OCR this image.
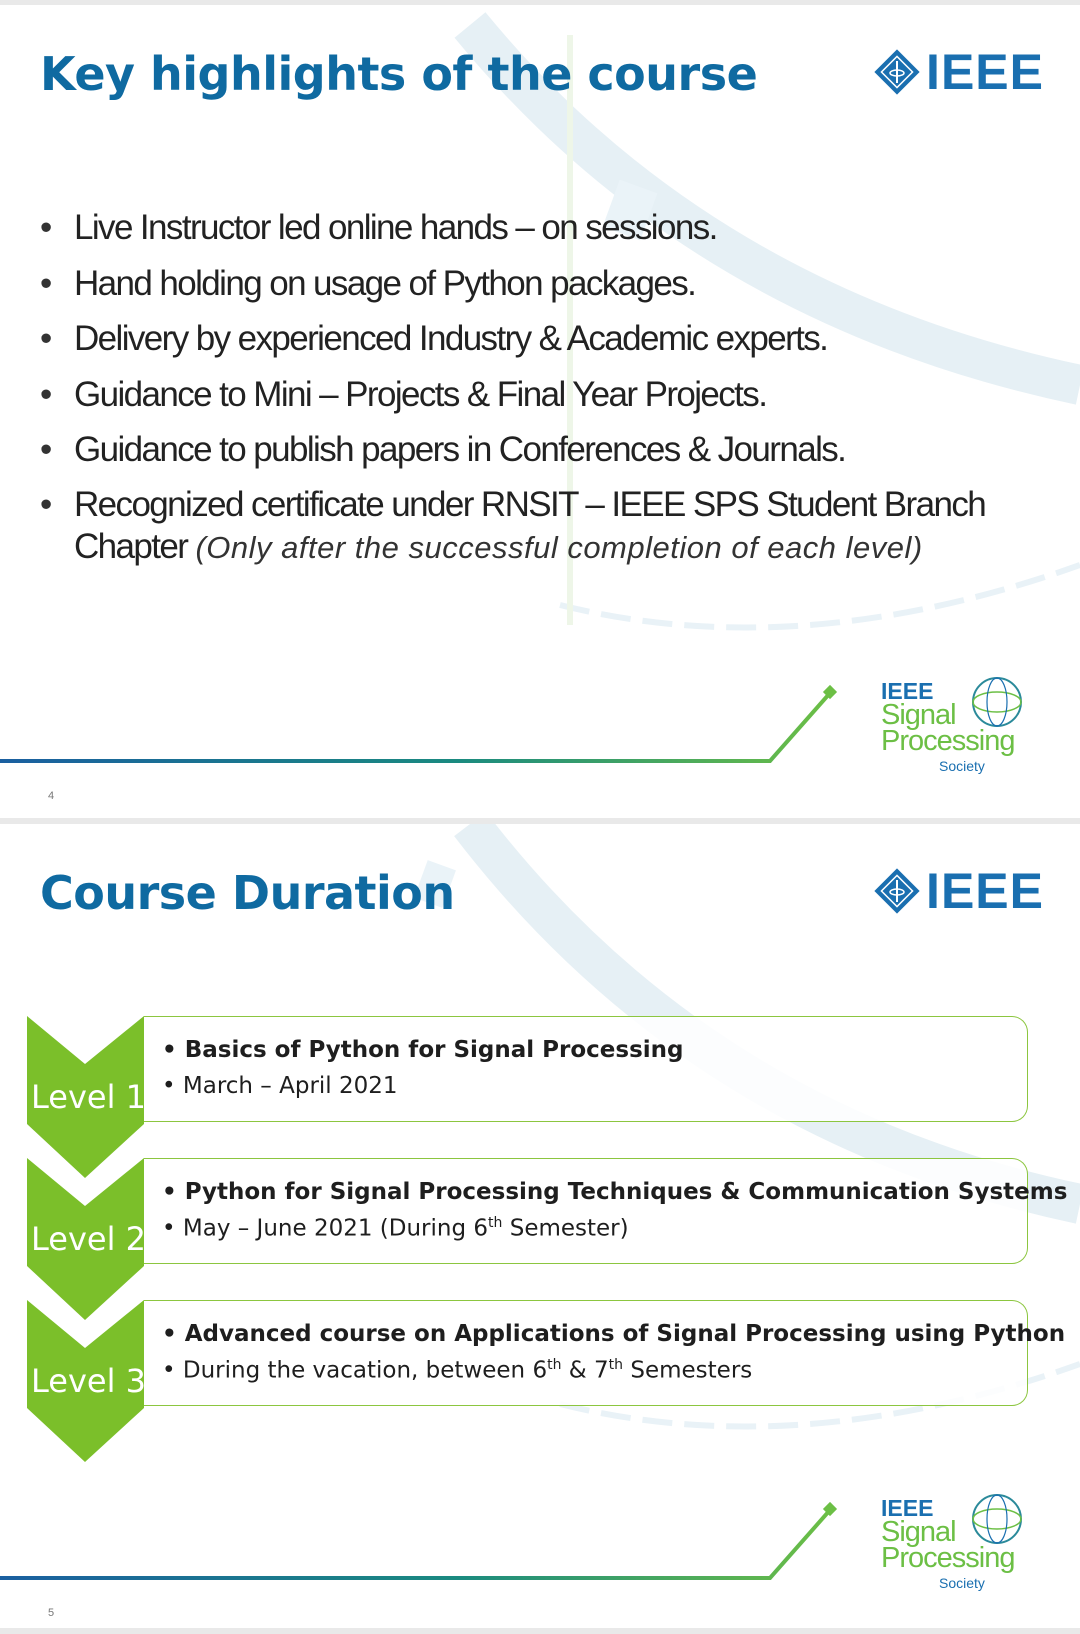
Key highlights of the course	IEEE
• Live Instructor led online hands – on sessions.
• Hand holding on usage of Python packages.
• Delivery by experienced Industry & Academic experts.
• Guidance to Mini – Projects & Final Year Projects.
• Guidance to publish papers in Conferences & Journals.
• Recognized certificate under RNSIT – IEEE SPS Student Branch Chapter (Only after the successful completion of each level)
IEEE
Signal
Processing
Society
4
Course Duration	IEEE
• Basics of Python for Signal Processing
• March – April 2021
Level 1
• Python for Signal Processing Techniques & Communication Systems
• May – June 2021 (During 6th Semester)
Level 2
• Advanced course on Applications of Signal Processing using Python
• During the vacation, between 6th & 7th Semesters
Level 3
IEEE
Signal
Processing
Society
5
